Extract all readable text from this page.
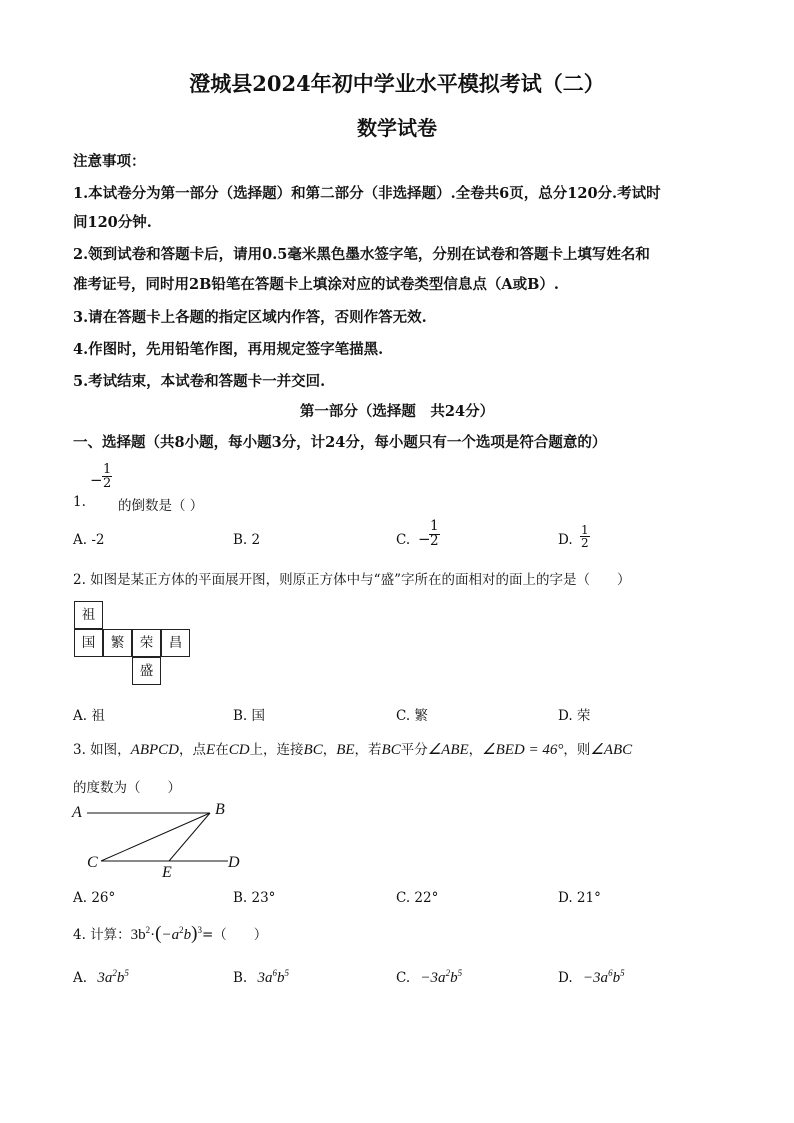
澄城县2024年初中学业水平模拟考试（二）
数学试卷
注意事项：
1.本试卷分为第一部分（选择题）和第二部分（非选择题）.全卷共6页，总分120分.考试时
间120分钟.
2.领到试卷和答题卡后，请用0.5毫米黑色墨水签字笔，分别在试卷和答题卡上填写姓名和
准考证号，同时用2B铅笔在答题卡上填涂对应的试卷类型信息点（A或B）.
3.请在答题卡上各题的指定区域内作答，否则作答无效.
4.作图时，先用铅笔作图，再用规定签字笔描黑.
5.考试结束，本试卷和答题卡一并交回.
第一部分（选择题　共24分）
一、选择题（共8小题，每小题3分，计24分，每小题只有一个选项是符合题意的）
1.
− $\frac{1}{2}$
的倒数是（ ）
A. -2	B. 2	C. −
$\frac{1}{2}$	D. $\frac{1}{2}$
2. 如图是某正方体的平面展开图，则原正方体中与“盛”字所在的面相对的面上的字是（　　）
祖
国	繁	荣	昌
盛
A. 祖	B. 国	C. 繁	D. 荣
3. 如图，ABPCD，点E在CD上，连接BC，BE，若BC平分∠ABE，∠BED = 46°，则∠ABC
的度数为（　　）
A	B
C	D
E
A. 26°	B. 23°	C. 22°	D. 21°
4. 计算：$3b^2\cdot(-a^2b)^3=$（　　）
A. $3a^2b^5$	B. $3a^6b^5$	C. $-3a^2b^5$	D. $-3a^6b^5$
